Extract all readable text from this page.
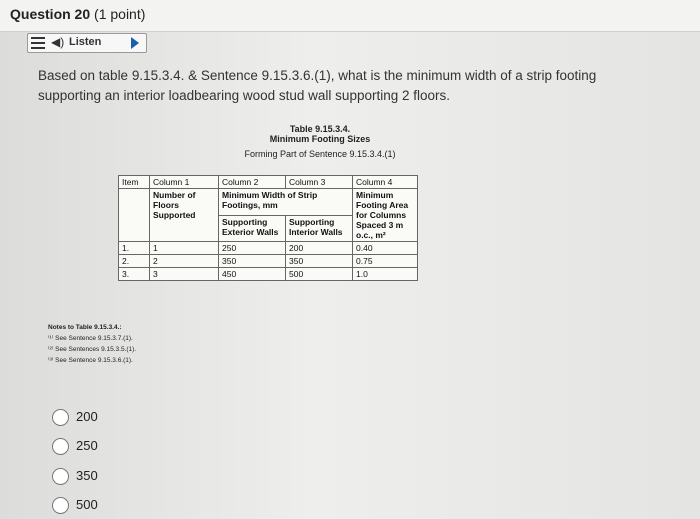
Question 20 (1 point)
◀) Listen
Based on table 9.15.3.4. & Sentence 9.15.3.6.(1), what is the minimum width of a strip footing supporting an interior loadbearing wood stud wall supporting 2 floors.
Table 9.15.3.4.
Minimum Footing Sizes
Forming Part of Sentence 9.15.3.4.(1)
Item	Column 1	Column 2	Column 3	Column 4
	Number of Floors Supported	Minimum Width of Strip Footings, mm		Minimum Footing Area for Columns Spaced 3 m o.c., m²
		Supporting Exterior Walls	Supporting Interior Walls	
1.	1	250	200	0.40
2.	2	350	350	0.75
3.	3	450	500	1.0
Notes to Table 9.15.3.4.:
⁽¹⁾ See Sentence 9.15.3.7.(1).
⁽²⁾ See Sentences 9.15.3.5.(1).
⁽³⁾ See Sentence 9.15.3.6.(1).
200
250
350
500
